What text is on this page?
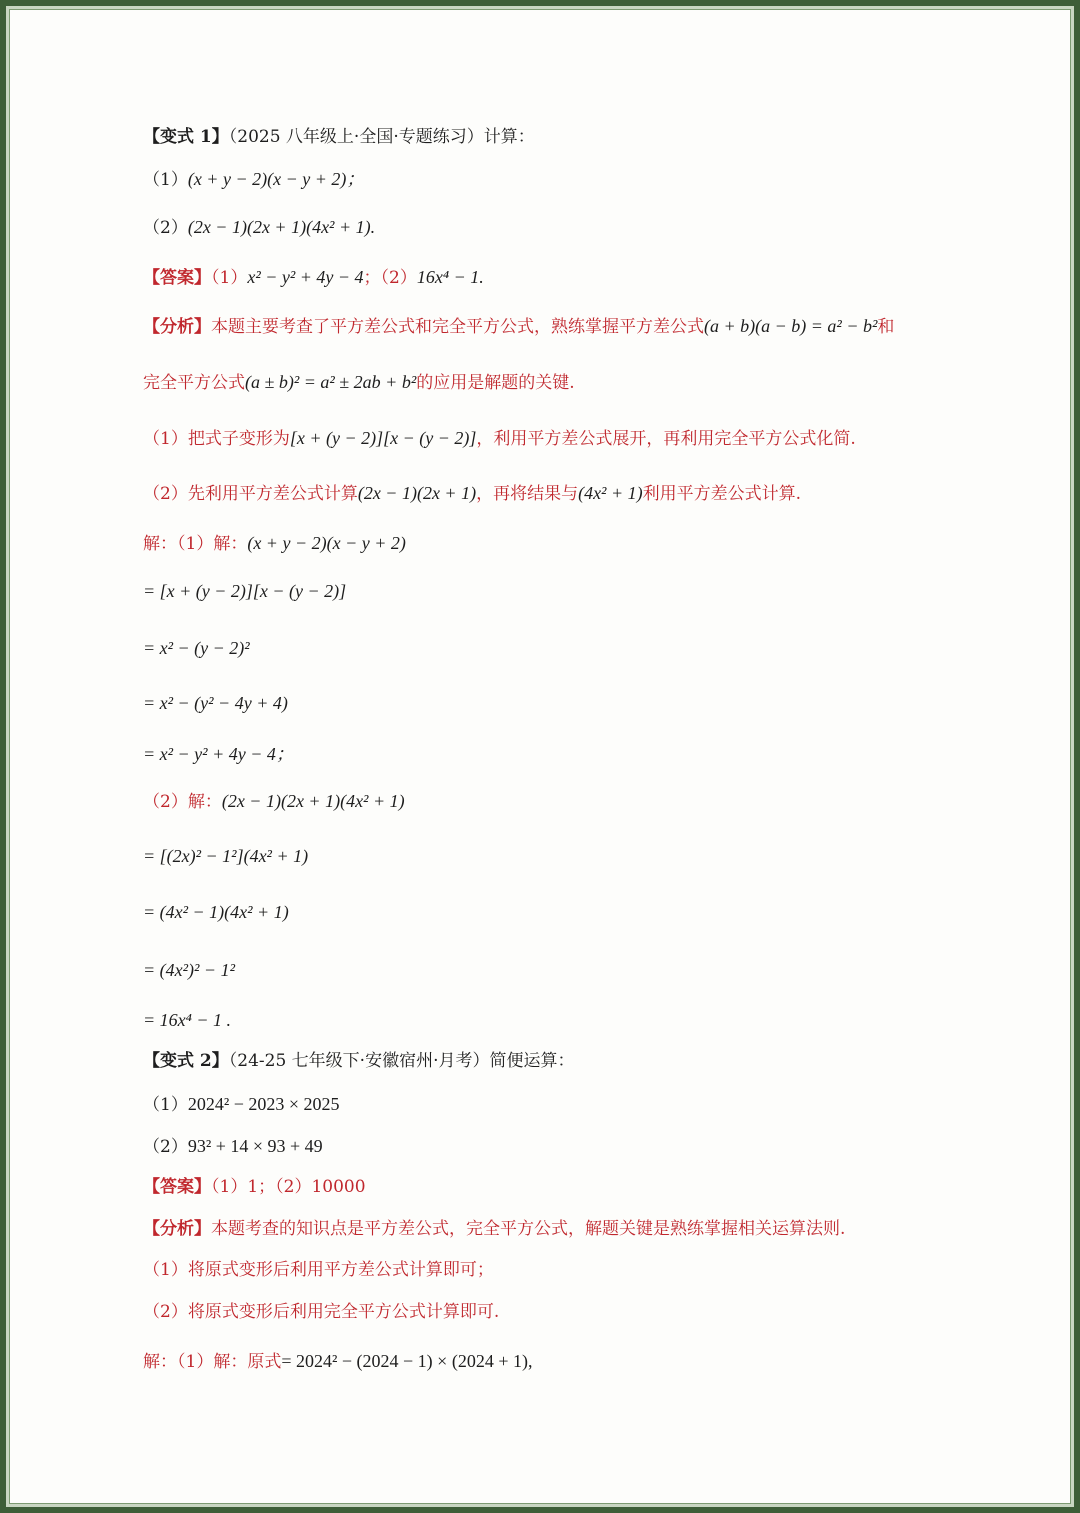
【变式 1】（2025 八年级上·全国·专题练习）计算：
（1）(x + y − 2)(x − y + 2)；
（2）(2x − 1)(2x + 1)(4x² + 1).
【答案】（1）x² − y² + 4y − 4；（2）16x⁴ − 1.
【分析】本题主要考查了平方差公式和完全平方公式，熟练掌握平方差公式(a + b)(a − b) = a² − b²和
完全平方公式(a ± b)² = a² ± 2ab + b²的应用是解题的关键.
（1）把式子变形为[x + (y − 2)][x − (y − 2)]，利用平方差公式展开，再利用完全平方公式化简.
（2）先利用平方差公式计算(2x − 1)(2x + 1)，再将结果与(4x² + 1)利用平方差公式计算.
解：（1）解：(x + y − 2)(x − y + 2)
= [x + (y − 2)][x − (y − 2)]
= x² − (y − 2)²
= x² − (y² − 4y + 4)
= x² − y² + 4y − 4；
（2）解：(2x − 1)(2x + 1)(4x² + 1)
= [(2x)² − 1²](4x² + 1)
= (4x² − 1)(4x² + 1)
= (4x²)² − 1²
= 16x⁴ − 1 .
【变式 2】（24-25 七年级下·安徽宿州·月考）简便运算：
（1）2024² − 2023 × 2025
（2）93² + 14 × 93 + 49
【答案】（1）1；（2）10000
【分析】本题考查的知识点是平方差公式，完全平方公式，解题关键是熟练掌握相关运算法则.
（1）将原式变形后利用平方差公式计算即可；
（2）将原式变形后利用完全平方公式计算即可.
解：（1）解：原式= 2024² − (2024 − 1) × (2024 + 1),
